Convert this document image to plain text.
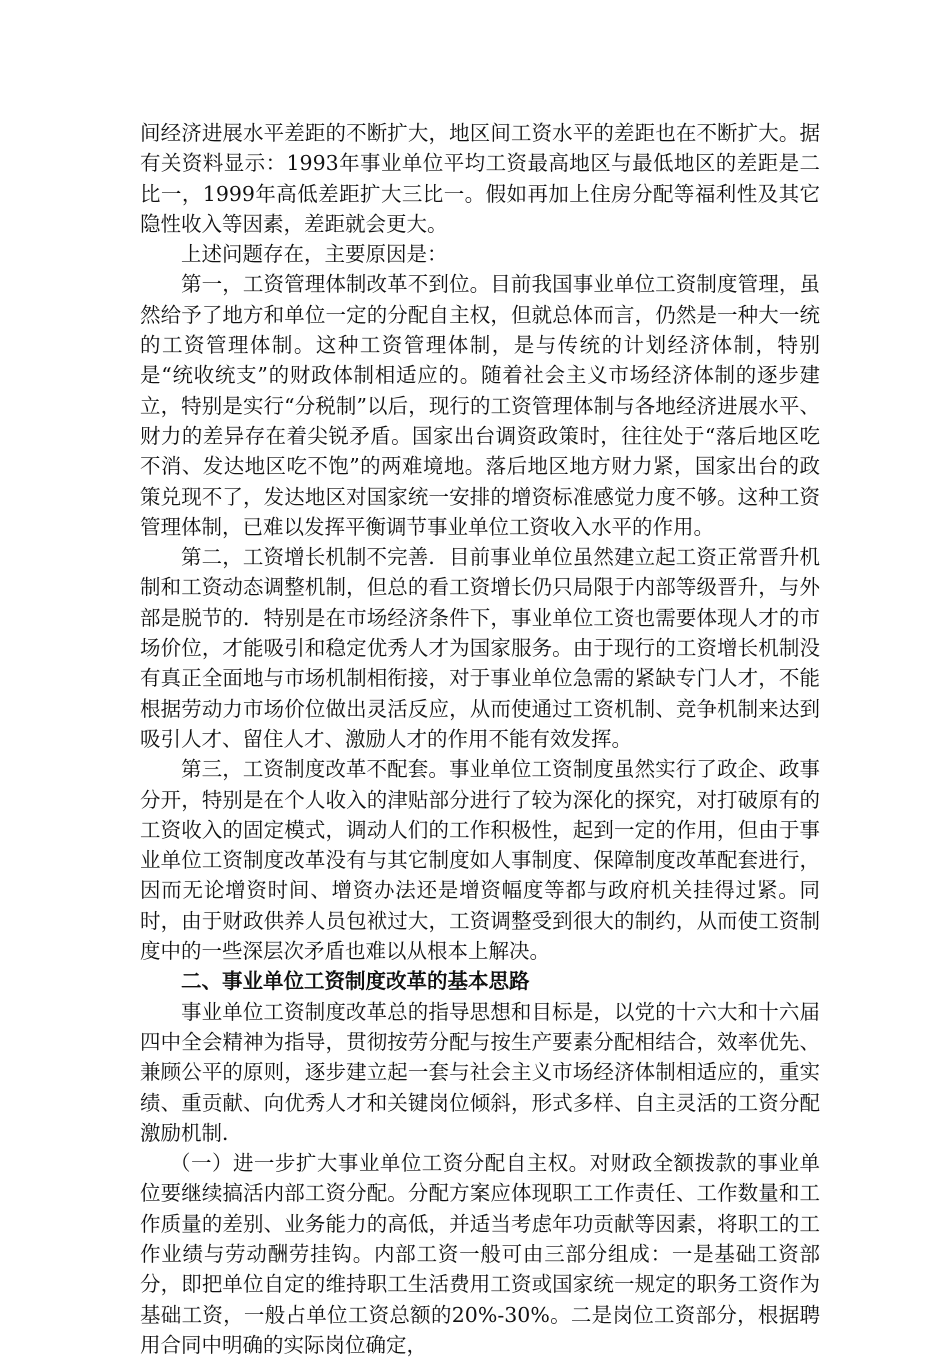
间经济进展水平差距的不断扩大，地区间工资水平的差距也在不断扩大。据有关资料显示：1993年事业单位平均工资最高地区与最低地区的差距是二比一，1999年高低差距扩大三比一。假如再加上住房分配等福利性及其它隐性收入等因素，差距就会更大。

上述问题存在，主要原因是：

第一，工资管理体制改革不到位。目前我国事业单位工资制度管理，虽然给予了地方和单位一定的分配自主权，但就总体而言，仍然是一种大一统的工资管理体制。这种工资管理体制，是与传统的计划经济体制，特别是“统收统支”的财政体制相适应的。随着社会主义市场经济体制的逐步建立，特别是实行“分税制”以后，现行的工资管理体制与各地经济进展水平、财力的差异存在着尖锐矛盾。国家出台调资政策时，往往处于“落后地区吃不消、发达地区吃不饱”的两难境地。落后地区地方财力紧，国家出台的政策兑现不了，发达地区对国家统一安排的增资标准感觉力度不够。这种工资管理体制，已难以发挥平衡调节事业单位工资收入水平的作用。

第二，工资增长机制不完善．目前事业单位虽然建立起工资正常晋升机制和工资动态调整机制，但总的看工资增长仍只局限于内部等级晋升，与外部是脱节的．特别是在市场经济条件下，事业单位工资也需要体现人才的市场价位，才能吸引和稳定优秀人才为国家服务。由于现行的工资增长机制没有真正全面地与市场机制相衔接，对于事业单位急需的紧缺专门人才，不能根据劳动力市场价位做出灵活反应，从而使通过工资机制、竞争机制来达到吸引人才、留住人才、激励人才的作用不能有效发挥。

第三，工资制度改革不配套。事业单位工资制度虽然实行了政企、政事分开，特别是在个人收入的津贴部分进行了较为深化的探究，对打破原有的工资收入的固定模式，调动人们的工作积极性，起到一定的作用，但由于事业单位工资制度改革没有与其它制度如人事制度、保障制度改革配套进行，因而无论增资时间、增资办法还是增资幅度等都与政府机关挂得过紧。同时，由于财政供养人员包袱过大，工资调整受到很大的制约，从而使工资制度中的一些深层次矛盾也难以从根本上解决。

二、事业单位工资制度改革的基本思路

事业单位工资制度改革总的指导思想和目标是，以党的十六大和十六届四中全会精神为指导，贯彻按劳分配与按生产要素分配相结合，效率优先、兼顾公平的原则，逐步建立起一套与社会主义市场经济体制相适应的，重实绩、重贡献、向优秀人才和关键岗位倾斜，形式多样、自主灵活的工资分配激励机制．

（一）进一步扩大事业单位工资分配自主权。对财政全额拨款的事业单位要继续搞活内部工资分配。分配方案应体现职工工作责任、工作数量和工作质量的差别、业务能力的高低，并适当考虑年功贡献等因素，将职工的工作业绩与劳动酬劳挂钩。内部工资一般可由三部分组成：一是基础工资部分，即把单位自定的维持职工生活费用工资或国家统一规定的职务工资作为基础工资，一般占单位工资总额的20%-30%。二是岗位工资部分，根据聘用合同中明确的实际岗位确定，
